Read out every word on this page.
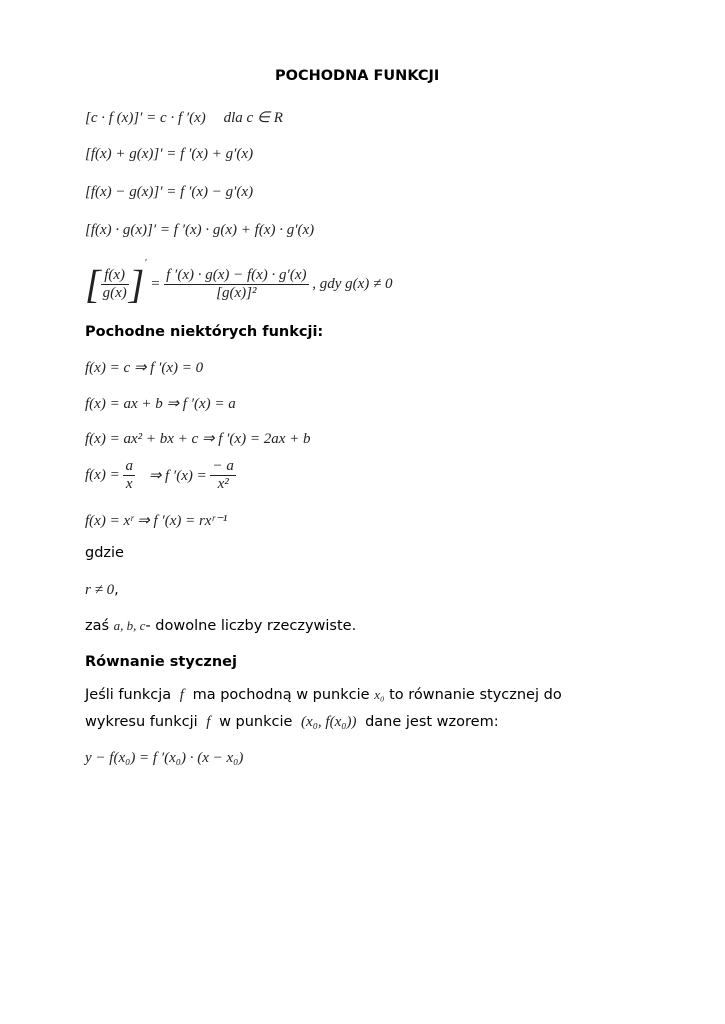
POCHODNA FUNKCJI
[c · f (x)]′ = c · f ′(x) dla c ∈ R
[f(x) + g(x)]′ = f ′(x) + g′(x)
[f(x) − g(x)]′ = f ′(x) − g′(x)
[f(x) · g(x)]′ = f ′(x) · g(x) + f(x) · g′(x)
[ $\frac{f(x)}{g(x)} ]' = \frac{f '(x) \cdot g(x) - f(x) \cdot g'(x)}{\text{[g(x)]²}}$ , gdy g(x) ≠ 0
Pochodne niektórych funkcji:
f(x) = c ⇒ f ′(x) = 0
f(x) = ax + b ⇒ f ′(x) = a
f(x) = ax² + bx + c ⇒ f ′(x) = 2ax + b
$f(x) = \frac{a}{x}$ ⇒ f $'(x) = \frac{- a}{\text{x²}}$
f(x) = xʳ ⇒ f ′(x) = rxʳ⁻¹
gdzie
r ≠ 0,
zaś a, b, c- dowolne liczby rzeczywiste.
Równanie stycznej
Jeśli funkcja f ma pochodną w punkcie x₀ to równanie stycznej do
wykresu funkcji f w punkcie (x₀, f(x₀)) dane jest wzorem:
y − f(x₀) = f ′(x₀) · (x − x₀)
